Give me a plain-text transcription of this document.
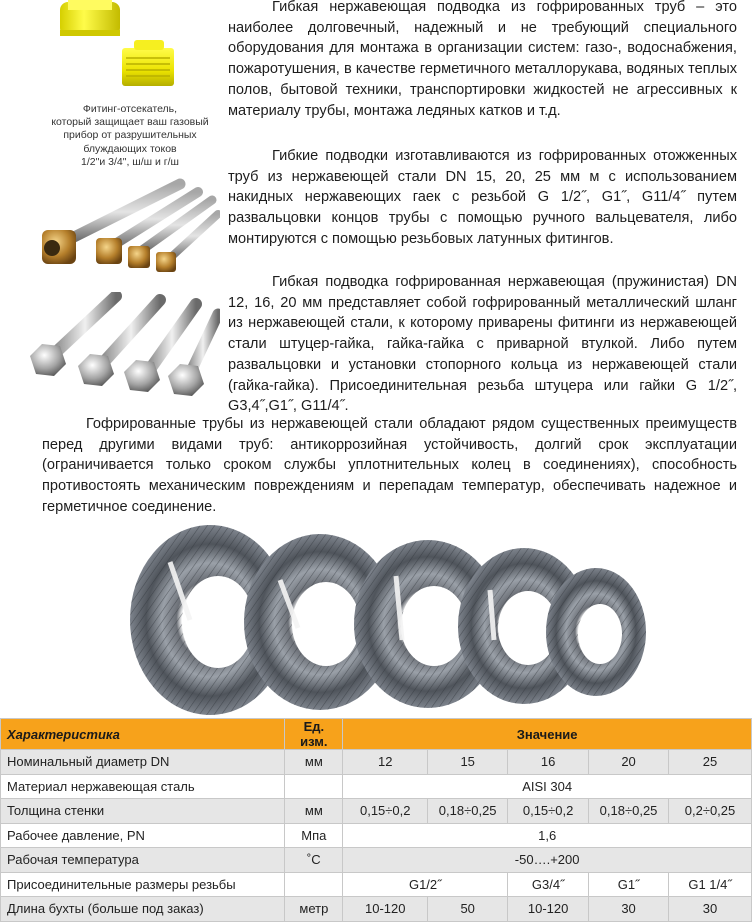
Фитинг-отсекатель,
который защищает ваш газовый
прибор от разрушительных
блуждающих токов
1/2"и 3/4", ш/ш и г/ш
Гибкая нержавеющая подводка из гофрированных труб – это наиболее долговечный, надежный и не требующий специального оборудования для монтажа в организации систем: газо-, водоснабжения, пожаротушения, в качестве герметичного металлорукава, водяных теплых полов, бытовой техники, транспортировки жидкостей не агрессивных к материалу трубы, монтажа ледяных катков и т.д.
Гибкие подводки изготавливаются из гофрированных отожженных труб из нержавеющей стали DN 15, 20, 25 мм м с использованием накидных нержавеющих гаек с резьбой G 1/2˝, G1˝, G11/4˝ путем развальцовки концов трубы с помощью ручного вальцевателя, либо монтируются с помощью резьбовых латунных фитингов.
Гибкая подводка гофрированная нержавеющая (пружинистая) DN 12, 16, 20 мм представляет собой гофрированный металлический шланг из нержавеющей стали, к которому приварены фитинги из нержавеющей стали штуцер-гайка, гайка-гайка с приварной втулкой. Либо путем развальцовки и установки стопорного кольца из нержавеющей стали (гайка-гайка). Присоединительная резьба штуцера или гайки G 1/2˝, G3,4˝,G1˝, G11/4˝.
Гофрированные трубы из нержавеющей стали обладают рядом существенных преимуществ перед другими видами труб: антикоррозийная устойчивость, долгий срок эксплуатации (ограничивается только сроком службы уплотнительных колец в соединениях), способность противостоять механическим повреждениям и перепадам температур, обеспечивать надежное и герметичное соединение.
Характеристика	Ед. изм.	Значение				
Номинальный диаметр DN	мм	12	15	16	20	25
Материал нержавеющая сталь		AISI 304				
Толщина стенки	мм	0,15÷0,2	0,18÷0,25	0,15÷0,2	0,18÷0,25	0,2÷0,25
Рабочее давление, PN	Мпа	1,6				
Рабочая температура	˚С	-50….+200				
Присоединительные размеры резьбы		G1/2˝		G3/4˝	G1˝	G1 1/4˝
Длина бухты (больше под заказ)	метр	10-120	50	10-120	30	30
